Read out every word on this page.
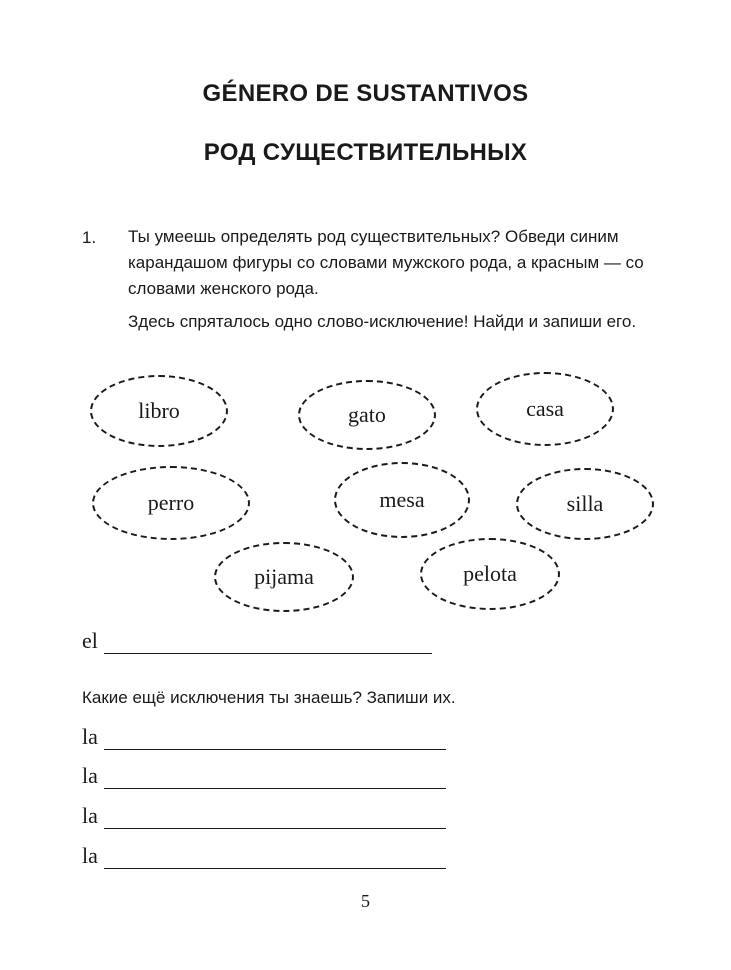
GÉNERO DE SUSTANTIVOS
РОД СУЩЕСТВИТЕЛЬНЫХ
1. Ты умеешь определять род существительных? Обведи синим карандашом фигуры со словами мужского рода, а красным — со словами женского рода.

Здесь спряталось одно слово-исключение! Найди и запиши его.

libro	gato	casa
perro	mesa	silla
pijama	pelota
el
Какие ещё исключения ты знаешь? Запиши их.
la
la
la
la
5
